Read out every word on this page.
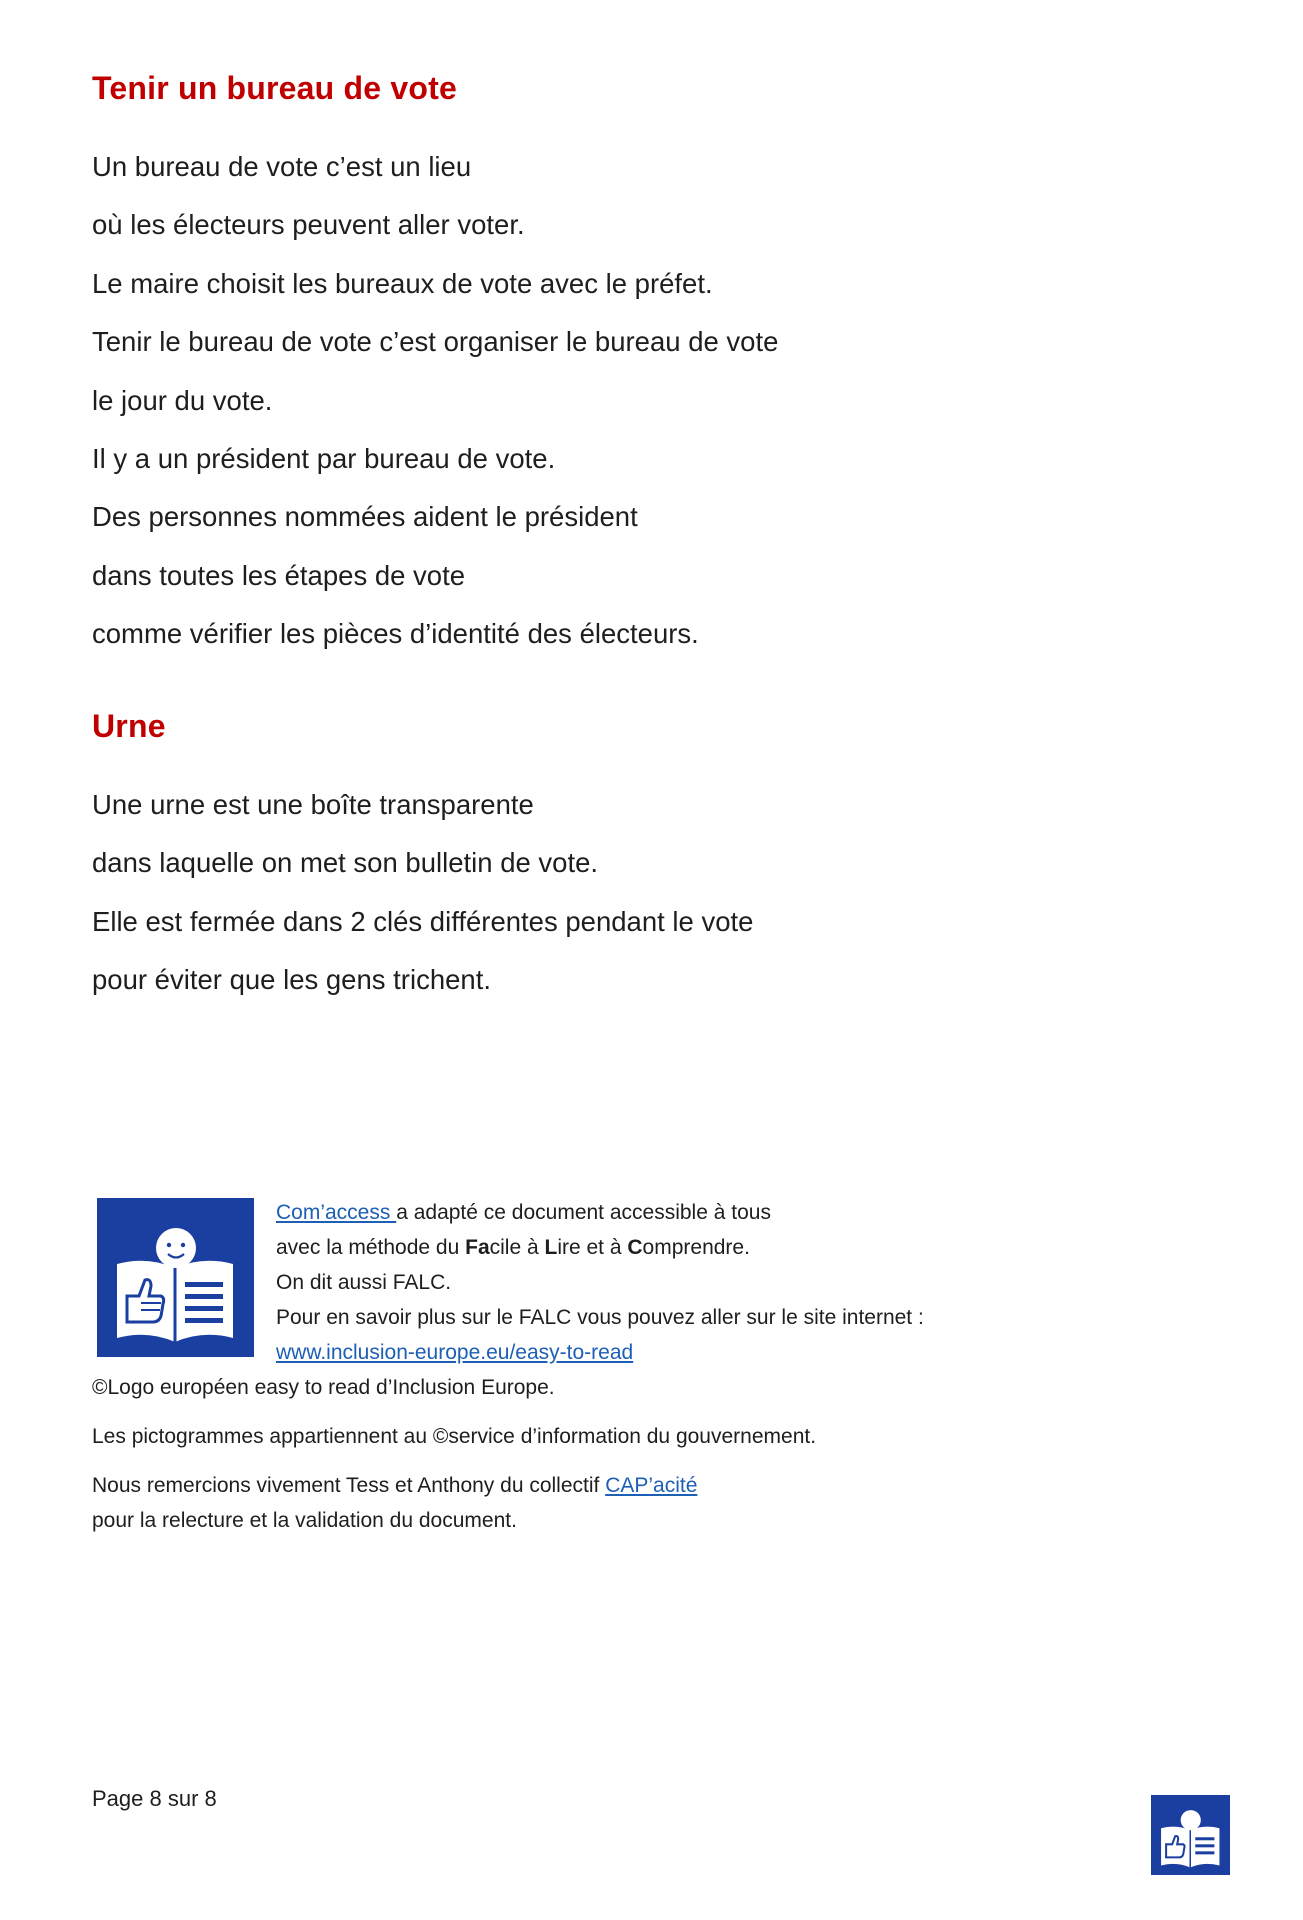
Tenir un bureau de vote
Un bureau de vote c’est un lieu
où les électeurs peuvent aller voter.
Le maire choisit les bureaux de vote avec le préfet.
Tenir le bureau de vote c’est organiser le bureau de vote
le jour du vote.
Il y a un président par bureau de vote.
Des personnes nommées aident le président
dans toutes les étapes de vote
comme vérifier les pièces d’identité des électeurs.
Urne
Une urne est une boîte transparente
dans laquelle on met son bulletin de vote.
Elle est fermée dans 2 clés différentes pendant le vote
pour éviter que les gens trichent.
Com’access a adapté ce document accessible à tous
avec la méthode du Facile à Lire et à Comprendre.
On dit aussi FALC.
Pour en savoir plus sur le FALC vous pouvez aller sur le site internet :
www.inclusion-europe.eu/easy-to-read
©Logo européen easy to read d’Inclusion Europe.
Les pictogrammes appartiennent au ©service d’information du gouvernement.
Nous remercions vivement Tess et Anthony du collectif CAP’acité
pour la relecture et la validation du document.
Page 8 sur 8
